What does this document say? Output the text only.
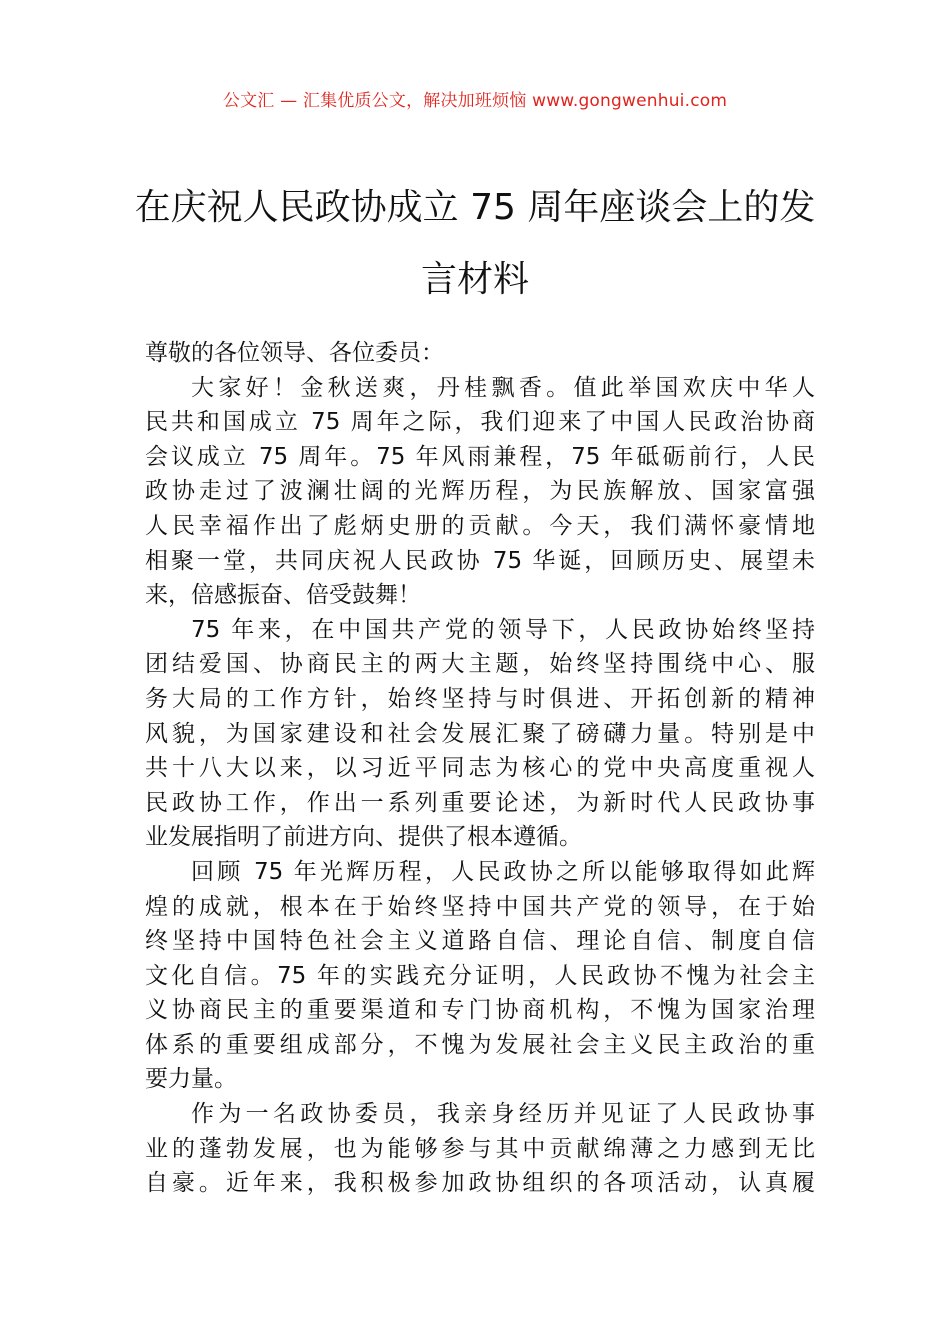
公文汇 — 汇集优质公文，解决加班烦恼 www.gongwenhui.com
在庆祝人民政协成立 75 周年座谈会上的发
言材料
尊敬的各位领导、各位委员：
大家好！金秋送爽，丹桂飘香。值此举国欢庆中华人
民共和国成立 75 周年之际，我们迎来了中国人民政治协商
会议成立 75 周年。75 年风雨兼程，75 年砥砺前行，人民
政协走过了波澜壮阔的光辉历程，为民族解放、国家富强
人民幸福作出了彪炳史册的贡献。今天，我们满怀豪情地
相聚一堂，共同庆祝人民政协 75 华诞，回顾历史、展望未
来，倍感振奋、倍受鼓舞！
75 年来，在中国共产党的领导下，人民政协始终坚持
团结爱国、协商民主的两大主题，始终坚持围绕中心、服
务大局的工作方针，始终坚持与时俱进、开拓创新的精神
风貌，为国家建设和社会发展汇聚了磅礴力量。特别是中
共十八大以来，以习近平同志为核心的党中央高度重视人
民政协工作，作出一系列重要论述，为新时代人民政协事
业发展指明了前进方向、提供了根本遵循。
回顾 75 年光辉历程，人民政协之所以能够取得如此辉
煌的成就，根本在于始终坚持中国共产党的领导，在于始
终坚持中国特色社会主义道路自信、理论自信、制度自信
文化自信。75 年的实践充分证明，人民政协不愧为社会主
义协商民主的重要渠道和专门协商机构，不愧为国家治理
体系的重要组成部分，不愧为发展社会主义民主政治的重
要力量。
作为一名政协委员，我亲身经历并见证了人民政协事
业的蓬勃发展，也为能够参与其中贡献绵薄之力感到无比
自豪。近年来，我积极参加政协组织的各项活动，认真履
